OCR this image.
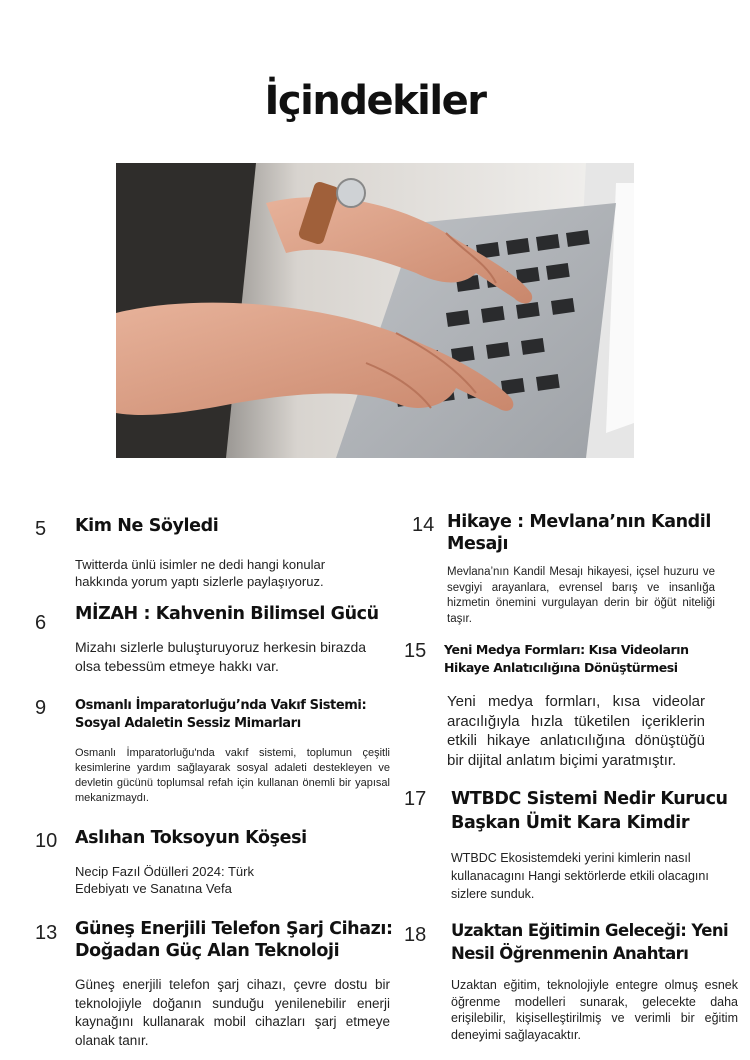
İçindekiler
5 Kim Ne Söyledi
Twitterda ünlü isimler ne dedi hangi konular hakkında yorum yaptı sizlerle paylaşıyoruz.
6 MİZAH : Kahvenin Bilimsel Gücü
Mizahı sizlerle buluşturuyoruz herkesin birazda olsa tebessüm etmeye hakkı var.
9 Osmanlı İmparatorluğu’nda Vakıf Sistemi: Sosyal Adaletin Sessiz Mimarları
Osmanlı İmparatorluğu'nda vakıf sistemi, toplumun çeşitli kesimlerine yardım sağlayarak sosyal adaleti destekleyen ve devletin gücünü toplumsal refah için kullanan önemli bir yapısal mekanizmaydı.
10 Aslıhan Toksoyun Köşesi
Necip Fazıl Ödülleri 2024: Türk Edebiyatı ve Sanatına Vefa
13 Güneş Enerjili Telefon Şarj Cihazı: Doğadan Güç Alan Teknoloji
Güneş enerjili telefon şarj cihazı, çevre dostu bir teknolojiyle doğanın sunduğu yenilenebilir enerji kaynağını kullanarak mobil cihazları şarj etmeye olanak tanır.
14 Hikaye : Mevlana’nın Kandil Mesajı
Mevlana’nın Kandil Mesajı hikayesi, içsel huzuru ve sevgiyi arayanlara, evrensel barış ve insanlığa hizmetin önemini vurgulayan derin bir öğüt niteliği taşır.
15 Yeni Medya Formları: Kısa Videoların Hikaye Anlatıcılığına Dönüştürmesi
Yeni medya formları, kısa videolar aracılığıyla hızla tüketilen içeriklerin etkili hikaye anlatıcılığına dönüştüğü bir dijital anlatım biçimi yaratmıştır.
17 WTBDC Sistemi Nedir Kurucu Başkan Ümit Kara Kimdir
WTBDC Ekosistemdeki yerini kimlerin nasıl kullanacagını Hangi sektörlerde etkili olacagını sizlere sunduk.
18 Uzaktan Eğitimin Geleceği: Yeni Nesil Öğrenmenin Anahtarı
Uzaktan eğitim, teknolojiyle entegre olmuş esnek öğrenme modelleri sunarak, gelecekte daha erişilebilir, kişiselleştirilmiş ve verimli bir eğitim deneyimi sağlayacaktır.
